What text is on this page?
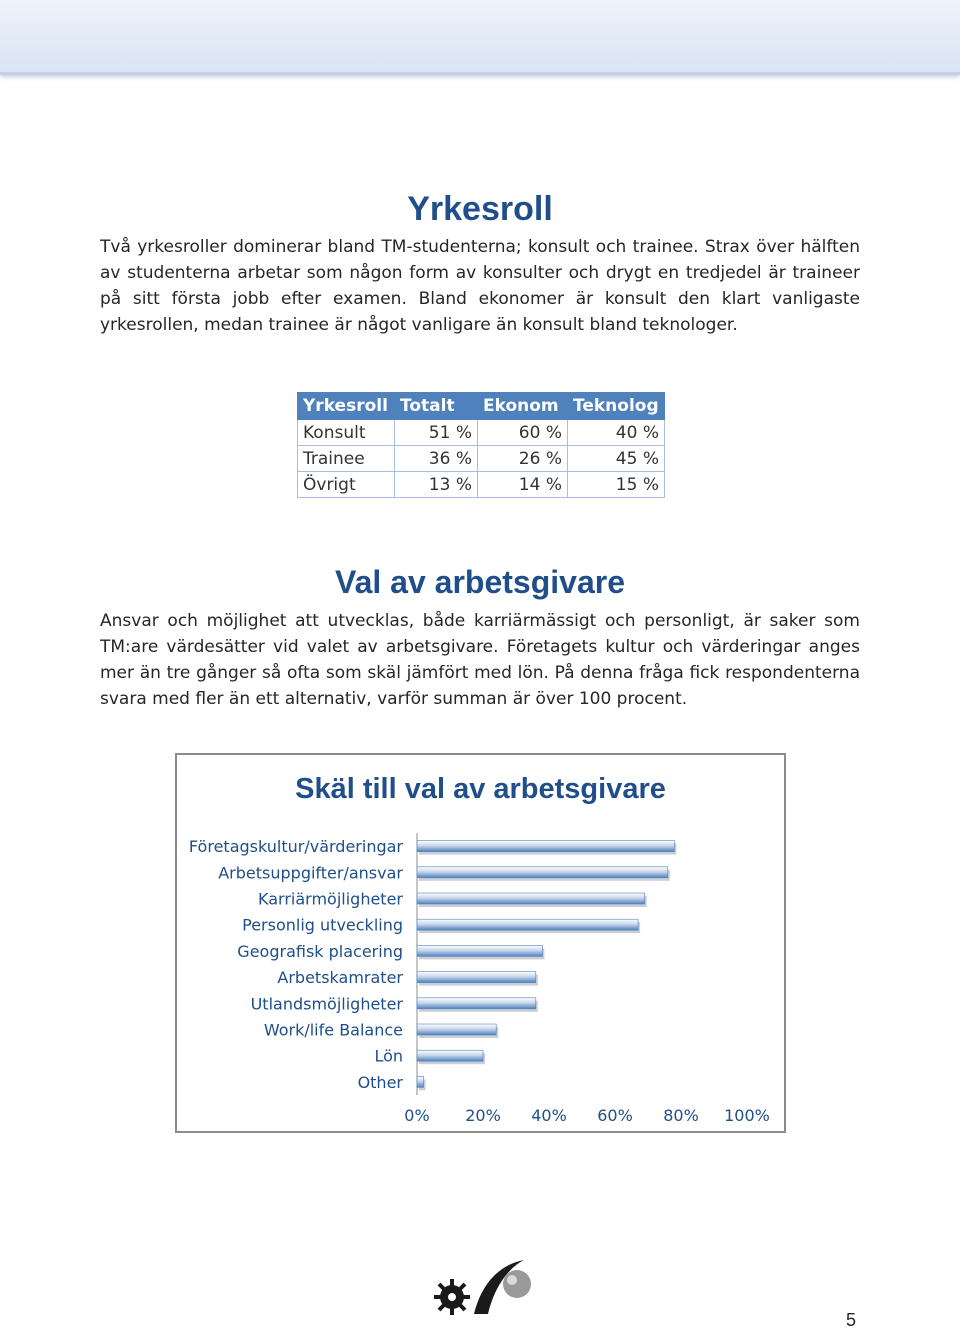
Yrkesroll

Två yrkesroller dominerar bland TM-studenterna; konsult och trainee. Strax över hälften av studenterna arbetar som någon form av konsulter och drygt en tredjedel är traineer på sitt första jobb efter examen. Bland ekonomer är konsult den klart vanligaste yrkesrollen, medan trainee är något vanligare än konsult bland teknologer.

Yrkesroll	Totalt	Ekonom	Teknolog
Konsult	51 %	60 %	40 %
Trainee	36 %	26 %	45 %
Övrigt	13 %	14 %	15 %
Val av arbetsgivare

Ansvar och möjlighet att utvecklas, både karriärmässigt och personligt, är saker som TM:are värdesätter vid valet av arbetsgivare. Företagets kultur och värderingar anges mer än tre gånger så ofta som skäl jämfört med lön. På denna fråga fick respondenterna svara med fler än ett alternativ, varför summan är över 100 procent.

Skäl till val av arbetsgivare
Företagskultur/värderingar
Arbetsuppgifter/ansvar
Karriärmöjligheter
Personlig utveckling
Geografisk placering
Arbetskamrater
Utlandsmöjligheter
Work/life Balance
Lön
Other
0% 20% 40% 60% 80% 100%
5
